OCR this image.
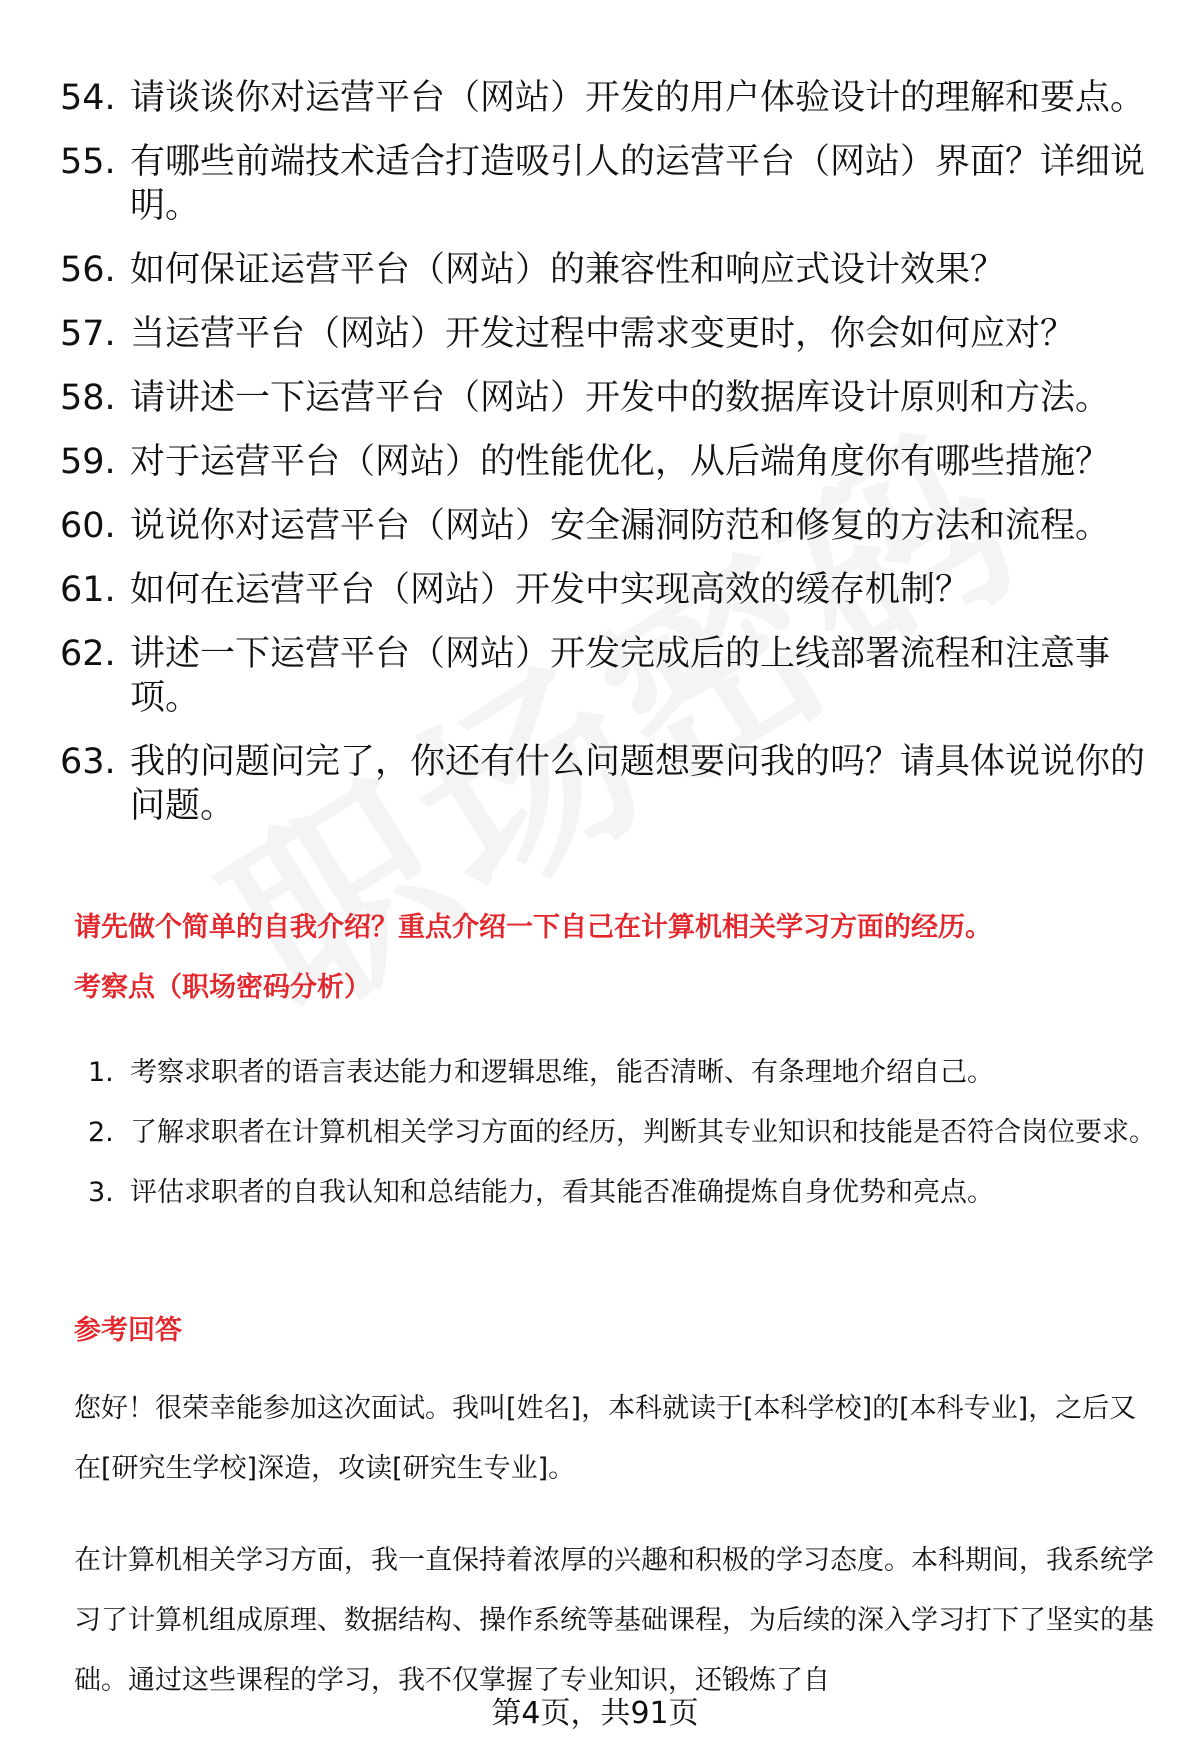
54. 请谈谈你对运营平台（网站）开发的用户体验设计的理解和要点。
55. 有哪些前端技术适合打造吸引人的运营平台（网站）界面？详细说明。
56. 如何保证运营平台（网站）的兼容性和响应式设计效果？
57. 当运营平台（网站）开发过程中需求变更时，你会如何应对？
58. 请讲述一下运营平台（网站）开发中的数据库设计原则和方法。
59. 对于运营平台（网站）的性能优化，从后端角度你有哪些措施？
60. 说说你对运营平台（网站）安全漏洞防范和修复的方法和流程。
61. 如何在运营平台（网站）开发中实现高效的缓存机制？
62. 讲述一下运营平台（网站）开发完成后的上线部署流程和注意事项。
63. 我的问题问完了，你还有什么问题想要问我的吗？请具体说说你的问题。
请先做个简单的自我介绍？重点介绍一下自己在计算机相关学习方面的经历。
考察点（职场密码分析）
1. 考察求职者的语言表达能力和逻辑思维，能否清晰、有条理地介绍自己。
2. 了解求职者在计算机相关学习方面的经历，判断其专业知识和技能是否符合岗位要求。
3. 评估求职者的自我认知和总结能力，看其能否准确提炼自身优势和亮点。
参考回答
您好！很荣幸能参加这次面试。我叫[姓名]，本科就读于[本科学校]的[本科专业]，之后又在[研究生学校]深造，攻读[研究生专业]。
在计算机相关学习方面，我一直保持着浓厚的兴趣和积极的学习态度。本科期间，我系统学习了计算机组成原理、数据结构、操作系统等基础课程，为后续的深入学习打下了坚实的基础。通过这些课程的学习，我不仅掌握了专业知识，还锻炼了自
第4页，共91页
